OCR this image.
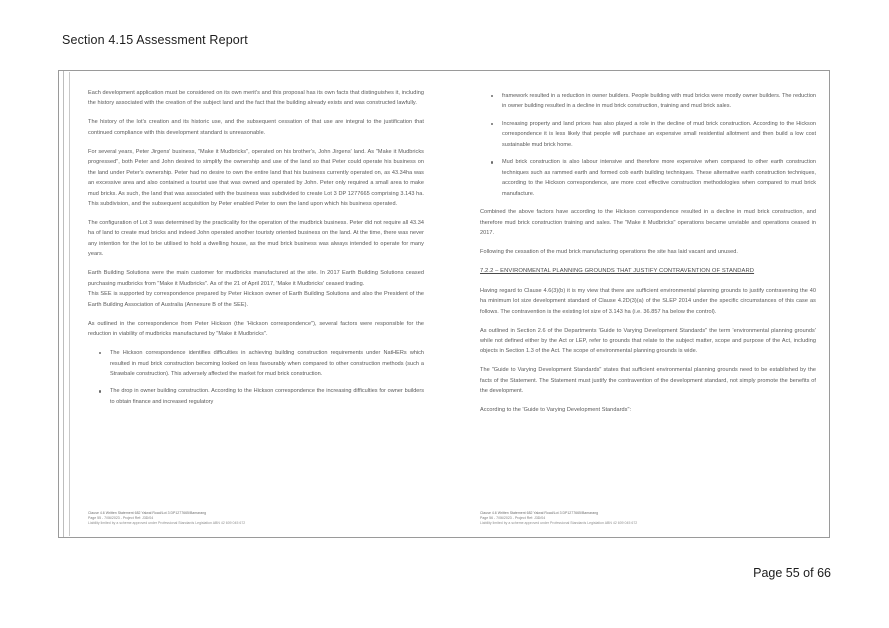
Section 4.15 Assessment Report

Each development application must be considered on its own merit's and this proposal has its own facts that distinguishes it, including the history associated with the creation of the subject land and the fact that the building already exists and was constructed lawfully.

The history of the lot's creation and its historic use, and the subsequent cessation of that use are integral to the justification that continued compliance with this development standard is unreasonable.

For several years, Peter Jirgens' business, "Make it Mudbricks", operated on his brother's, John Jirgens' land. As "Make it Mudbricks progressed", both Peter and John desired to simplify the ownership and use of the land so that Peter could operate his business on the land under Peter's ownership. Peter had no desire to own the entire land that his business currently operated on, as 43.34ha was an excessive area and also contained a tourist use that was owned and operated by John. Peter only required a small area to make mud bricks. As such, the land that was associated with the business was subdivided to create Lot 3 DP 1277665 comprising 3.143 ha. This subdivision, and the subsequent acquisition by Peter enabled Peter to own the land upon which his business operated.

The configuration of Lot 3 was determined by the practicality for the operation of the mudbrick business. Peter did not require all 43.34 ha of land to create mud bricks and indeed John operated another touristy oriented business on the land. At the time, there was never any intention for the lot to be utilised to hold a dwelling house, as the mud brick business was always intended to operate for many years.

Earth Building Solutions were the main customer for mudbricks manufactured at the site. In 2017 Earth Building Solutions ceased purchasing mudbricks from "Make it Mudbricks". As of the 21 of April 2017, 'Make it Mudbricks' ceased trading.

This SEE is supported by correspondence prepared by Peter Hickson owner of Earth Building Solutions and also the President of the Earth Building Association of Australia (Annexure B of the SEE).

As outlined in the correspondence from Peter Hickson (the 'Hickson correspondence"), several factors were responsible for the reduction in viability of mudbricks manufactured by "Make it Mudbricks".

The Hickson correspondence identifies difficulties in achieving building construction requirements under NatHERs which resulted in mud brick construction becoming looked on less favourably when compared to other construction methods (such a Strawbale construction). This adversely affected the market for mud brick construction.
The drop in owner building construction. According to the Hickson correspondence the increasing difficulties for owner builders to obtain finance and increased regulatory
Clause 4.6 Written Statement 682 Yalwal Road/Lot 3 DP1277665/Bamarang
Page 55 - 7/06/2023 - Project Ref: J3D/04
Liability limited by a scheme approved under Professional Standards Legislation ABN 42 609 045 672
framework resulted in a reduction in owner builders. People building with mud bricks were mostly owner builders. The reduction in owner building resulted in a decline in mud brick construction, training and mud brick sales.
Increasing property and land prices has also played a role in the decline of mud brick construction. According to the Hickson correspondence it is less likely that people will purchase an expensive small residential allotment and then build a low cost sustainable mud brick home.
Mud brick construction is also labour intensive and therefore more expensive when compared to other earth construction techniques such as rammed earth and formed cob earth building techniques. These alternative earth construction techniques, according to the Hickson correspondence, are more cost effective construction methodologies when compared to mud brick manufacture.

Combined the above factors have according to the Hickson correspondence resulted in a decline in mud brick construction, and therefore mud brick construction training and sales. The "Make it Mudbricks" operations became unviable and operations ceased in 2017.

Following the cessation of the mud brick manufacturing operations the site has laid vacant and unused.

7.2.2 – ENVIRONMENTAL PLANNING GROUNDS THAT JUSTIFY CONTRAVENTION OF STANDARD

Having regard to Clause 4.6(3)(b) it is my view that there are sufficient environmental planning grounds to justify contravening the 40 ha minimum lot size development standard of Clause 4.2D(3)(a) of the SLEP 2014 under the specific circumstances of this case as follows. The contravention is the existing lot size of 3.143 ha (i.e. 36.857 ha below the control).

As outlined in Section 2.6 of the Departments 'Guide to Varying Development Standards" the term 'environmental planning grounds' while not defined either by the Act or LEP, refer to grounds that relate to the subject matter, scope and purpose of the Act, including objects in Section 1.3 of the Act. The scope of environmental planning grounds is wide.

The "Guide to Varying Development Standards" states that sufficient environmental planning grounds need to be established by the facts of the Statement. The Statement must justify the contravention of the development standard, not simply promote the benefits of the development.

According to the 'Guide to Varying Development Standards":

Clause 4.6 Written Statement 682 Yalwal Road/Lot 3 DP1277665/Bamarang
Page 56 - 7/06/2023 - Project Ref: J3D/04
Liability limited by a scheme approved under Professional Standards Legislation ABN 42 609 045 672
Page 55 of 66
